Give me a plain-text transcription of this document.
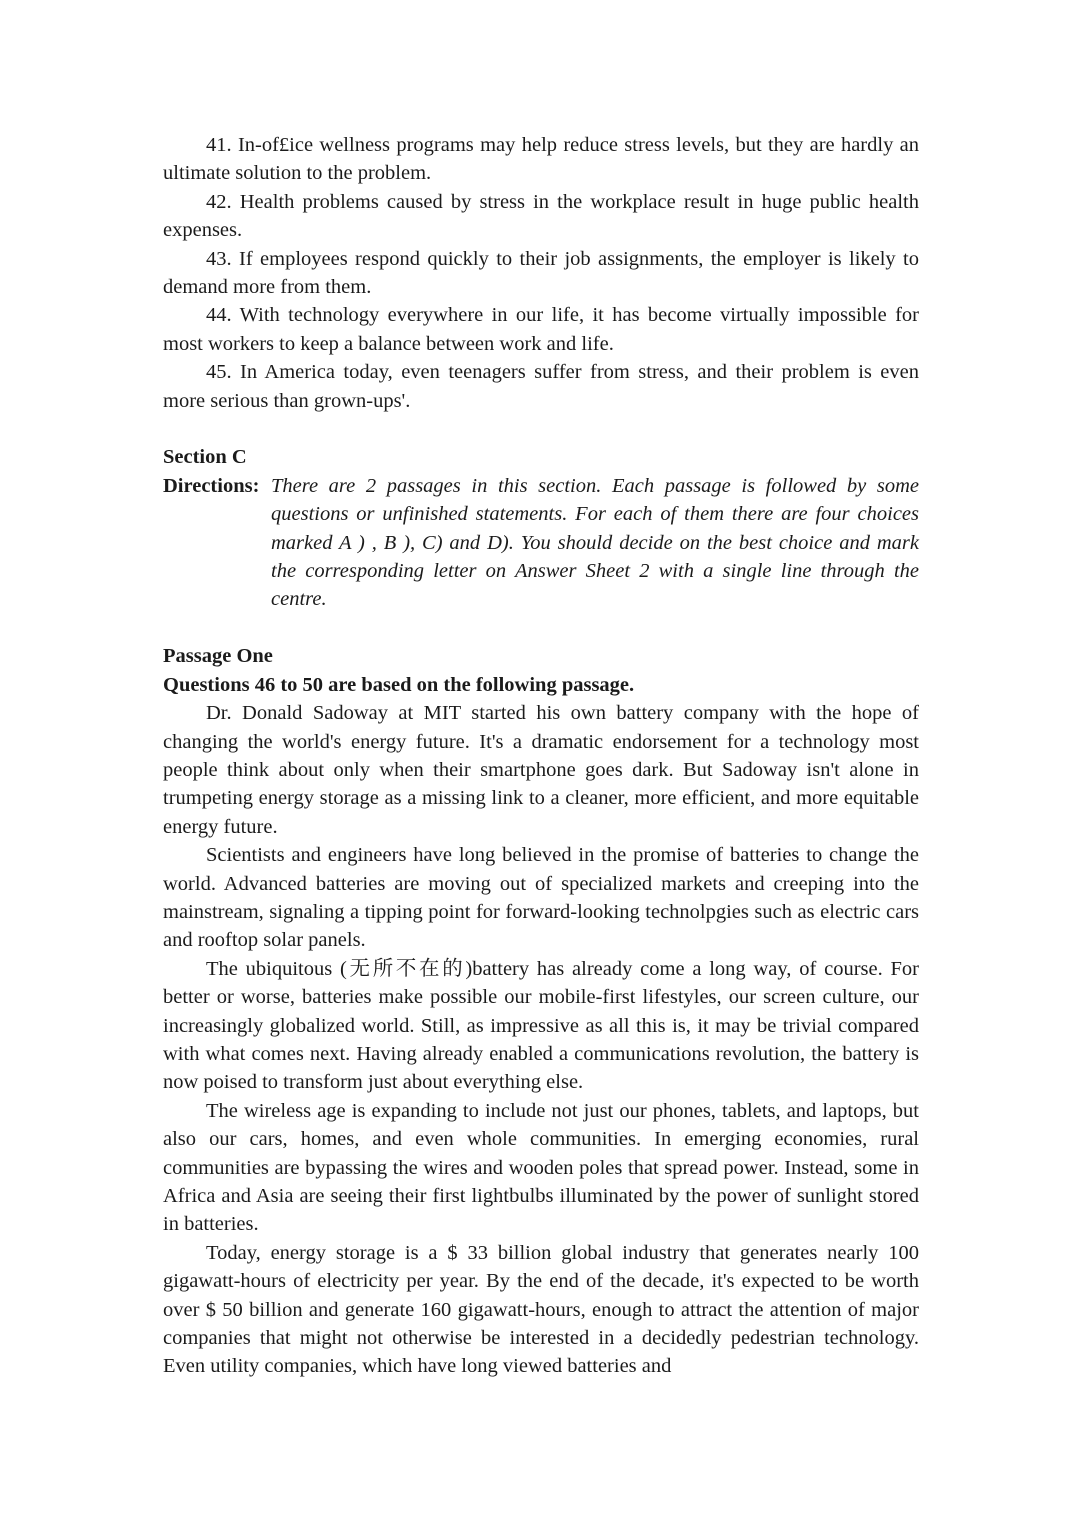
41. In-of£ice wellness programs may help reduce stress levels, but they are hardly an ultimate solution to the problem.

42. Health problems caused by stress in the workplace result in huge public health expenses.

43. If employees respond quickly to their job assignments, the employer is likely to demand more from them.

44. With technology everywhere in our life, it has become virtually impossible for most workers to keep a balance between work and life.

45. In America today, even teenagers suffer from stress, and their problem is even more serious than grown-ups'.

Section C

Directions: There are 2 passages in this section. Each passage is followed by some questions or unfinished statements. For each of them there are four choices marked A ) , B ), C) and D). You should decide on the best choice and mark the corresponding letter on Answer Sheet 2 with a single line through the centre.

Passage One

Questions 46 to 50 are based on the following passage.

Dr. Donald Sadoway at MIT started his own battery company with the hope of changing the world's energy future. It's a dramatic endorsement for a technology most people think about only when their smartphone goes dark. But Sadoway isn't alone in trumpeting energy storage as a missing link to a cleaner, more efficient, and more equitable energy future.

Scientists and engineers have long believed in the promise of batteries to change the world. Advanced batteries are moving out of specialized markets and creeping into the mainstream, signaling a tipping point for forward-looking technolpgies such as electric cars and rooftop solar panels.

The ubiquitous (无所不在的)battery has already come a long way, of course. For better or worse, batteries make possible our mobile-first lifestyles, our screen culture, our increasingly globalized world. Still, as impressive as all this is, it may be trivial compared with what comes next. Having already enabled a communications revolution, the battery is now poised to transform just about everything else.

The wireless age is expanding to include not just our phones, tablets, and laptops, but also our cars, homes, and even whole communities. In emerging economies, rural communities are bypassing the wires and wooden poles that spread power. Instead, some in Africa and Asia are seeing their first lightbulbs illuminated by the power of sunlight stored in batteries.

Today, energy storage is a $ 33 billion global industry that generates nearly 100 gigawatt-hours of electricity per year. By the end of the decade, it's expected to be worth over $ 50 billion and generate 160 gigawatt-hours, enough to attract the attention of major companies that might not otherwise be interested in a decidedly pedestrian technology. Even utility companies, which have long viewed batteries and
